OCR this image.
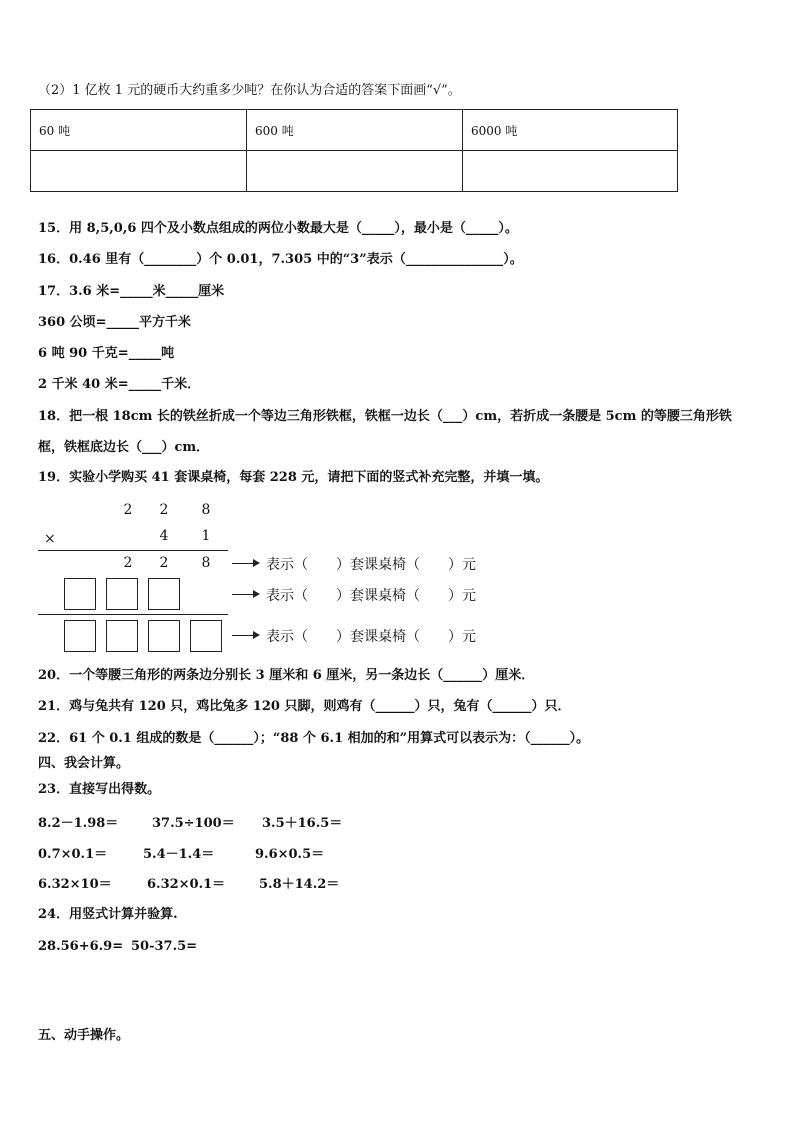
（2）1 亿枚 1 元的硬币大约重多少吨？在你认为合适的答案下面画“√”。
60 吨	600 吨	6000 吨

15．用 8,5,0,6 四个及小数点组成的两位小数最大是（_____），最小是（_____）。
16．0.46 里有（________）个 0.01，7.305 中的“3”表示（_______________）。
17．3.6 米=_____米_____厘米
360 公顷=_____平方千米
6 吨 90 千克=_____吨
2 千米 40 米=_____千米．
18．把一根 18cm 长的铁丝折成一个等边三角形铁框，铁框一边长（___）cm，若折成一条腰是 5cm 的等腰三角形铁
框，铁框底边长（___）cm．
19．实验小学购买 41 套课桌椅，每套 228 元，请把下面的竖式补充完整，并填一填。
2 2 8
×	4 1
2 2 8	表示（　　）套课桌椅（　　）元
表示（　　）套课桌椅（　　）元
表示（　　）套课桌椅（　　）元
20．一个等腰三角形的两条边分别长 3 厘米和 6 厘米，另一条边长（______）厘米．
21．鸡与兔共有 120 只，鸡比兔多 120 只脚，则鸡有（______）只，兔有（______）只．
22．61 个 0.1 组成的数是（______）；“88 个 6.1 相加的和”用算式可以表示为：（______）。
四、我会计算。
23．直接写出得数。
8.2－1.98＝	37.5÷100＝ 3.5＋16.5＝
0.7×0.1＝	5.4－1.4＝	9.6×0.5＝
6.32×10＝	6.32×0.1＝	5.8＋14.2＝
24．用竖式计算并验算.
28.56+6.9= 50-37.5=
五、动手操作。
